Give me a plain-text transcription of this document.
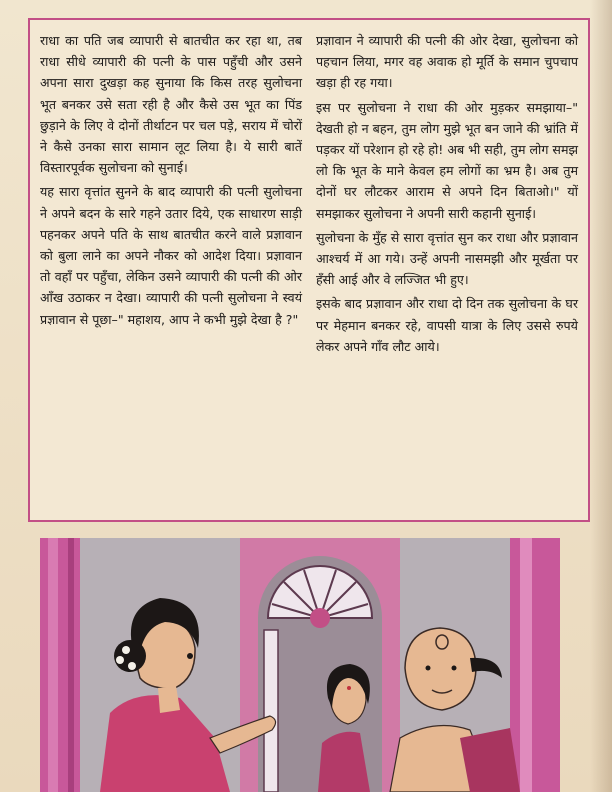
राधा का पति जब व्यापारी से बातचीत कर रहा था, तब राधा सीधे व्यापारी की पत्नी के पास पहुँची और उसने अपना सारा दुखड़ा कह सुनाया कि किस तरह सुलोचना भूत बनकर उसे सता रही है और कैसे उस भूत का पिंड छुड़ाने के लिए वे दोनों तीर्थाटन पर चल पड़े, सराय में चोरों ने कैसे उनका सारा सामान लूट लिया है। ये सारी बातें विस्तारपूर्वक सुलोचना को सुनाई।

यह सारा वृत्तांत सुनने के बाद व्यापारी की पत्नी सुलोचना ने अपने बदन के सारे गहने उतार दिये, एक साधारण साड़ी पहनकर अपने पति के साथ बातचीत करने वाले प्रज्ञावान को बुला लाने का अपने नौकर को आदेश दिया। प्रज्ञावान तो वहाँ पर पहुँचा, लेकिन उसने व्यापारी की पत्नी की ओर आँख उठाकर न देखा। व्यापारी की पत्नी सुलोचना ने स्वयं प्रज्ञावान से पूछा–" महाशय, आप ने कभी मुझे देखा है ?"

प्रज्ञावान ने व्यापारी की पत्नी की ओर देखा, सुलोचना को पहचान लिया, मगर वह अवाक हो मूर्ति के समान चुपचाप खड़ा ही रह गया।

इस पर सुलोचना ने राधा की ओर मुड़कर समझाया–" देखती हो न बहन, तुम लोग मुझे भूत बन जाने की भ्रांति में पड़कर यों परेशान हो रहे हो! अब भी सही, तुम लोग समझ लो कि भूत के माने केवल हम लोगों का भ्रम है। अब तुम दोनों घर लौटकर आराम से अपने दिन बिताओ।" यों समझाकर सुलोचना ने अपनी सारी कहानी सुनाई।

सुलोचना के मुँह से सारा वृत्तांत सुन कर राधा और प्रज्ञावान आश्चर्य में आ गये। उन्हें अपनी नासमझी और मूर्खता पर हँसी आई और वे लज्जित भी हुए।

इसके बाद प्रज्ञावान और राधा दो दिन तक सुलोचना के घर पर मेहमान बनकर रहे, वापसी यात्रा के लिए उससे रुपये लेकर अपने गाँव लौट आये।
